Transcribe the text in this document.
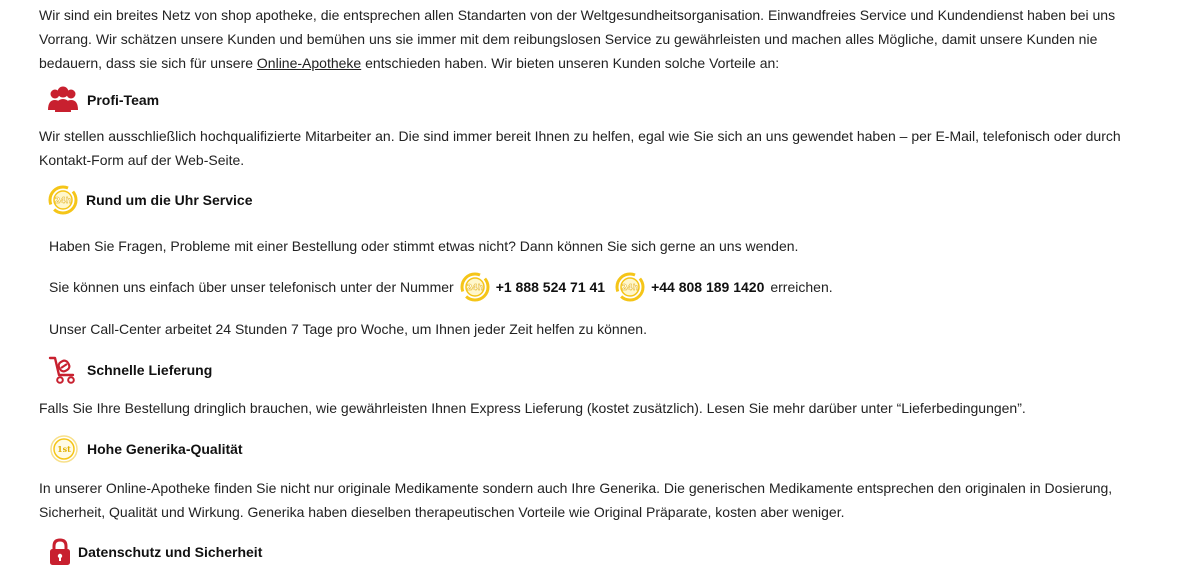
Wir sind ein breites Netz von shop apotheke, die entsprechen allen Standarten von der Weltgesundheitsorganisation. Einwandfreies Service und Kundendienst haben bei uns Vorrang. Wir schätzen unsere Kunden und bemühen uns sie immer mit dem reibungslosen Service zu gewährleisten und machen alles Mögliche, damit unsere Kunden nie bedauern, dass sie sich für unsere Online-Apotheke entschieden haben. Wir bieten unseren Kunden solche Vorteile an:

Profi-Team

Wir stellen ausschließlich hochqualifizierte Mitarbeiter an. Die sind immer bereit Ihnen zu helfen, egal wie Sie sich an uns gewendet haben – per E-Mail, telefonisch oder durch Kontakt-Form auf der Web-Seite.

24h Rund um die Uhr Service

Haben Sie Fragen, Probleme mit einer Bestellung oder stimmt etwas nicht? Dann können Sie sich gerne an uns wenden.

Sie können uns einfach über unser telefonisch unter der Nummer 24h +1 888 524 71 41 24h +44 808 189 1420 erreichen.

Unser Call-Center arbeitet 24 Stunden 7 Tage pro Woche, um Ihnen jeder Zeit helfen zu können.

Schnelle Lieferung

Falls Sie Ihre Bestellung dringlich brauchen, wie gewährleisten Ihnen Express Lieferung (kostet zusätzlich). Lesen Sie mehr darüber unter “Lieferbedingungen”.

1st Hohe Generika-Qualität

In unserer Online-Apotheke finden Sie nicht nur originale Medikamente sondern auch Ihre Generika. Die generischen Medikamente entsprechen den originalen in Dosierung, Sicherheit, Qualität und Wirkung. Generika haben dieselben therapeutischen Vorteile wie Original Präparate, kosten aber weniger.

Datenschutz und Sicherheit
